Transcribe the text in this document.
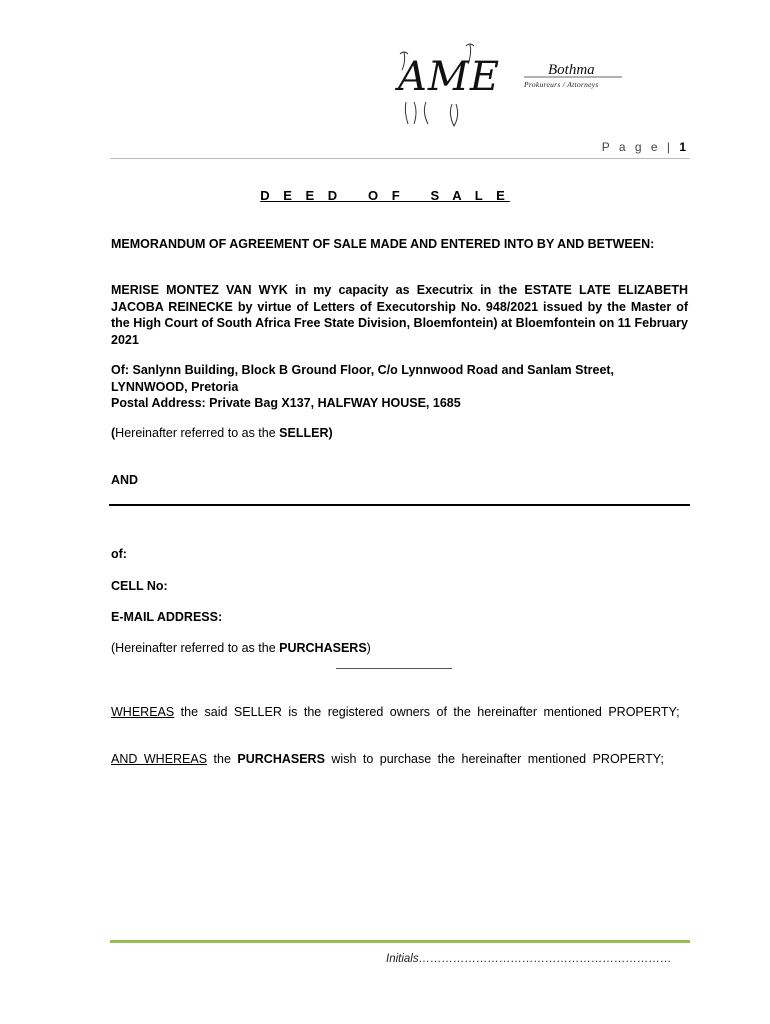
AME	Bothma
Prokureurs / Attorneys
P a g e | 1
D E E D   O F   S A L E
MEMORANDUM OF AGREEMENT OF SALE MADE AND ENTERED INTO BY AND BETWEEN:
MERISE MONTEZ VAN WYK in my capacity as Executrix in the ESTATE LATE ELIZABETH JACOBA REINECKE by virtue of Letters of Executorship No. 948/2021 issued by the Master of the High Court of South Africa Free State Division, Bloemfontein) at Bloemfontein on 11 February 2021
Of: Sanlynn Building, Block B Ground Floor, C/o Lynnwood Road and Sanlam Street, LYNNWOOD, Pretoria
Postal Address: Private Bag X137, HALFWAY HOUSE, 1685
(Hereinafter referred to as the SELLER)
AND
of:
CELL No:
E-MAIL ADDRESS:
(Hereinafter referred to as the PURCHASERS)
WHEREAS the said SELLER is the registered owners of the hereinafter mentioned PROPERTY;
AND WHEREAS the PURCHASERS wish to purchase the hereinafter mentioned PROPERTY;
Initials…………………………………………………………
